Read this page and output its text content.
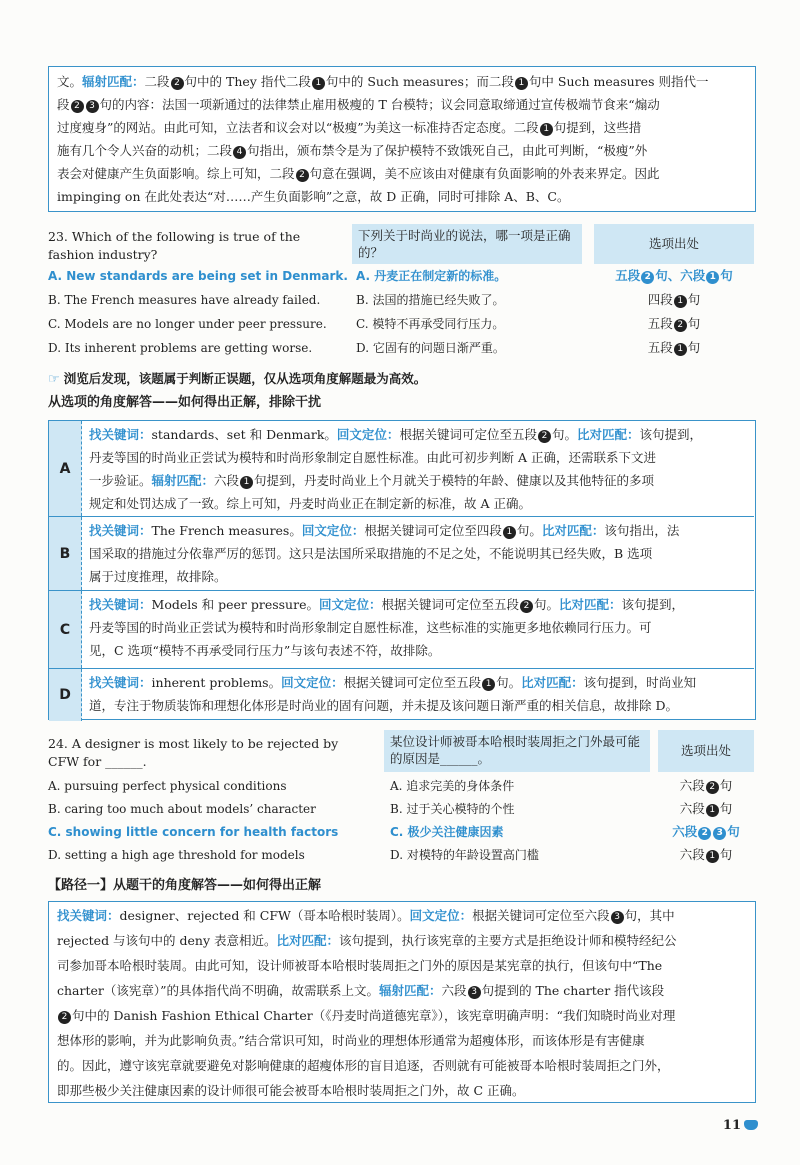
文。辐射匹配：二段 2 句中的 They 指代二段 1 句中的 Such measures；而二段 1 句中 Such measures 则指代一
段 2 3 句的内容：法国一项新通过的法律禁止雇用极瘦的 T 台模特；议会同意取缔通过宣传极端节食来“煽动
过度瘦身”的网站。由此可知，立法者和议会对以“极瘦”为美这一标准持否定态度。二段 1 句提到，这些措
施有几个令人兴奋的动机；二段 4 句指出，颁布禁令是为了保护模特不致饿死自己，由此可判断，“极瘦”外
表会对健康产生负面影响。综上可知，二段 2 句意在强调，美不应该由对健康有负面影响的外表来界定。因此
impinging on 在此处表达“对……产生负面影响”之意，故 D 正确，同时可排除 A、B、C。
23. Which of the following is true of the fashion industry?
下列关于时尚业的说法，哪一项是正确的？
选项出处
A. New standards are being set in Denmark. A. 丹麦正在制定新的标准。	五段 2 句、六段 1 句
B. The French measures have already failed.	B. 法国的措施已经失败了。	四段 1 句
C. Models are no longer under peer pressure. C. 模特不再承受同行压力。	五段 2 句
D. Its inherent problems are getting worse.	D. 它固有的问题日渐严重。	五段 1 句
☞ 浏览后发现，该题属于判断正误题，仅从选项角度解题最为高效。
从选项的角度解答——如何得出正解，排除干扰
A
找关键词：standards、set 和 Denmark。回文定位：根据关键词可定位至五段 2 句。比对匹配：该句提到，
丹麦等国的时尚业正尝试为模特和时尚形象制定自愿性标准。由此可初步判断 A 正确，还需联系下文进
一步验证。辐射匹配：六段 1 句提到，丹麦时尚业上个月就关于模特的年龄、健康以及其他特征的多项
规定和处罚达成了一致。综上可知，丹麦时尚业正在制定新的标准，故 A 正确。
B
找关键词：The French measures。回文定位：根据关键词可定位至四段 1 句。比对匹配：该句指出，法
国采取的措施过分依靠严厉的惩罚。这只是法国所采取措施的不足之处，不能说明其已经失败，B 选项
属于过度推理，故排除。
C
找关键词：Models 和 peer pressure。回文定位：根据关键词可定位至五段 2 句。比对匹配：该句提到，
丹麦等国的时尚业正尝试为模特和时尚形象制定自愿性标准，这些标准的实施更多地依赖同行压力。可
见，C 选项“模特不再承受同行压力”与该句表述不符，故排除。
D
找关键词：inherent problems。回文定位：根据关键词可定位至五段 1 句。比对匹配：该句提到，时尚业知
道，专注于物质装饰和理想化体形是时尚业的固有问题，并未提及该问题日渐严重的相关信息，故排除 D。
24. A designer is most likely to be rejected by CFW for ______.
某位设计师被哥本哈根时装周拒之门外最可能的原因是______。
选项出处
A. pursuing perfect physical conditions	A. 追求完美的身体条件	六段 2 句
B. caring too much about models’ character	B. 过于关心模特的个性	六段 1 句
C. showing little concern for health factors	C. 极少关注健康因素	六段 2 3 句
D. setting a high age threshold for models	D. 对模特的年龄设置高门槛	六段 1 句
【路径一】从题干的角度解答——如何得出正解
找关键词：designer、rejected 和 CFW（哥本哈根时装周）。回文定位：根据关键词可定位至六段 3 句，其中
rejected 与该句中的 deny 表意相近。比对匹配：该句提到，执行该宪章的主要方式是拒绝设计师和模特经纪公
司参加哥本哈根时装周。由此可知，设计师被哥本哈根时装周拒之门外的原因是某宪章的执行，但该句中“The
charter（该宪章）”的具体指代尚不明确，故需联系上文。辐射匹配：六段 3 句提到的 The charter 指代该段
2 句中的 Danish Fashion Ethical Charter（《丹麦时尚道德宪章》），该宪章明确声明：“我们知晓时尚业对理
想体形的影响，并为此影响负责。”结合常识可知，时尚业的理想体形通常为超瘦体形，而该体形是有害健康
的。因此，遵守该宪章就要避免对影响健康的超瘦体形的盲目追逐，否则就有可能被哥本哈根时装周拒之门外，
即那些极少关注健康因素的设计师很可能会被哥本哈根时装周拒之门外，故 C 正确。
11
